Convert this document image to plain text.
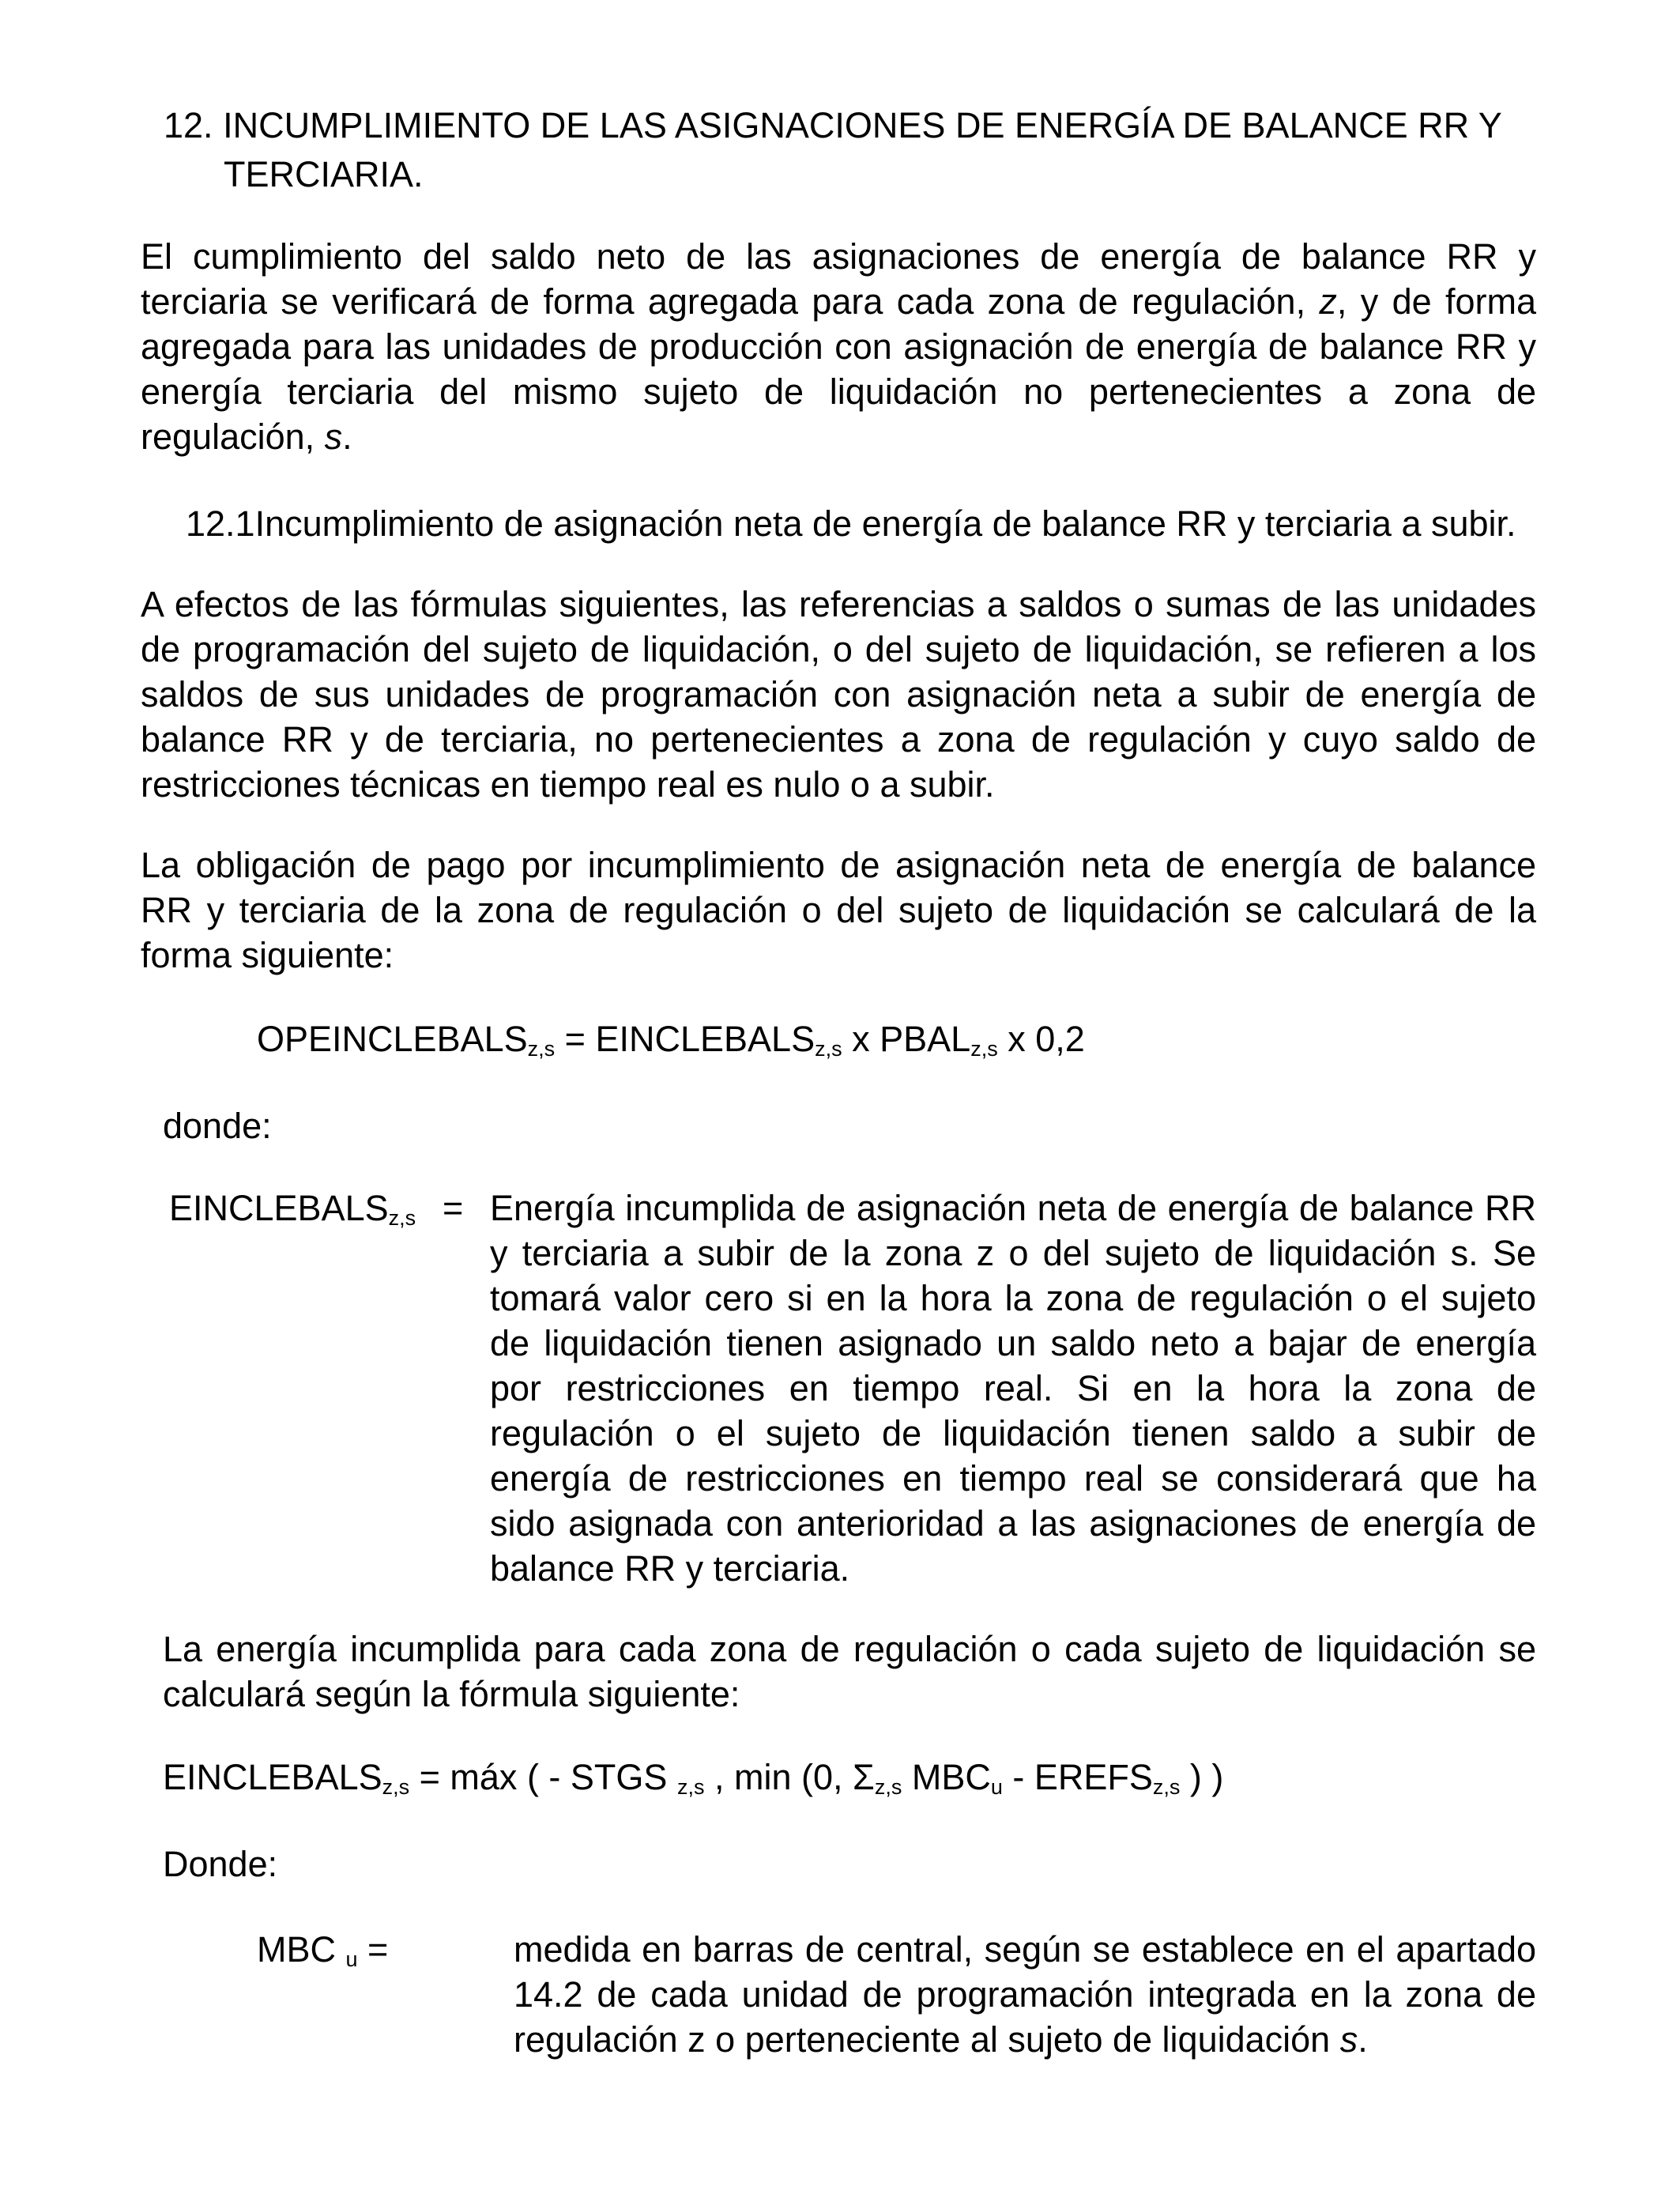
12. INCUMPLIMIENTO DE LAS ASIGNACIONES DE ENERGÍA DE BALANCE RR Y
TERCIARIA.
El cumplimiento del saldo neto de las asignaciones de energía de balance RR y
terciaria se verificará de forma agregada para cada zona de regulación, z, y de forma
agregada para las unidades de producción con asignación de energía de balance RR y
energía terciaria del mismo sujeto de liquidación no pertenecientes a zona de
regulación, s.
12.1Incumplimiento de asignación neta de energía de balance RR y terciaria a subir.
A efectos de las fórmulas siguientes, las referencias a saldos o sumas de las unidades
de programación del sujeto de liquidación, o del sujeto de liquidación, se refieren a los
saldos de sus unidades de programación con asignación neta a subir de energía de
balance RR y de terciaria, no pertenecientes a zona de regulación y cuyo saldo de
restricciones técnicas en tiempo real es nulo o a subir.
La obligación de pago por incumplimiento de asignación neta de energía de balance
RR y terciaria de la zona de regulación o del sujeto de liquidación se calculará de la
forma siguiente:
$OPEINCLEBALS_{z,s}$ = $EINCLEBALS_{z,s}$ x $PBAL_{z,s}$ x 0,2
donde:
$EINCLEBALS_{z,s}$ = Energía incumplida de asignación neta de energía de balance RR
y terciaria a subir de la zona z o del sujeto de liquidación s. Se
tomará valor cero si en la hora la zona de regulación o el sujeto
de liquidación tienen asignado un saldo neto a bajar de energía
por restricciones en tiempo real. Si en la hora la zona de
regulación o el sujeto de liquidación tienen saldo a subir de
energía de restricciones en tiempo real se considerará que ha
sido asignada con anterioridad a las asignaciones de energía de
balance RR y terciaria.
La energía incumplida para cada zona de regulación o cada sujeto de liquidación se
calculará según la fórmula siguiente:
$EINCLEBALS_{z,s}$ = máx ( - STGS $_{z,s}$ , min (0, $\Sigma_{z,s}$ $MBC_u$ - $EREFS_{z,s}$ ) )
Donde:
MBC $_u$ =	medida en barras de central, según se establece en el apartado
14.2 de cada unidad de programación integrada en la zona de
regulación z o perteneciente al sujeto de liquidación s.
